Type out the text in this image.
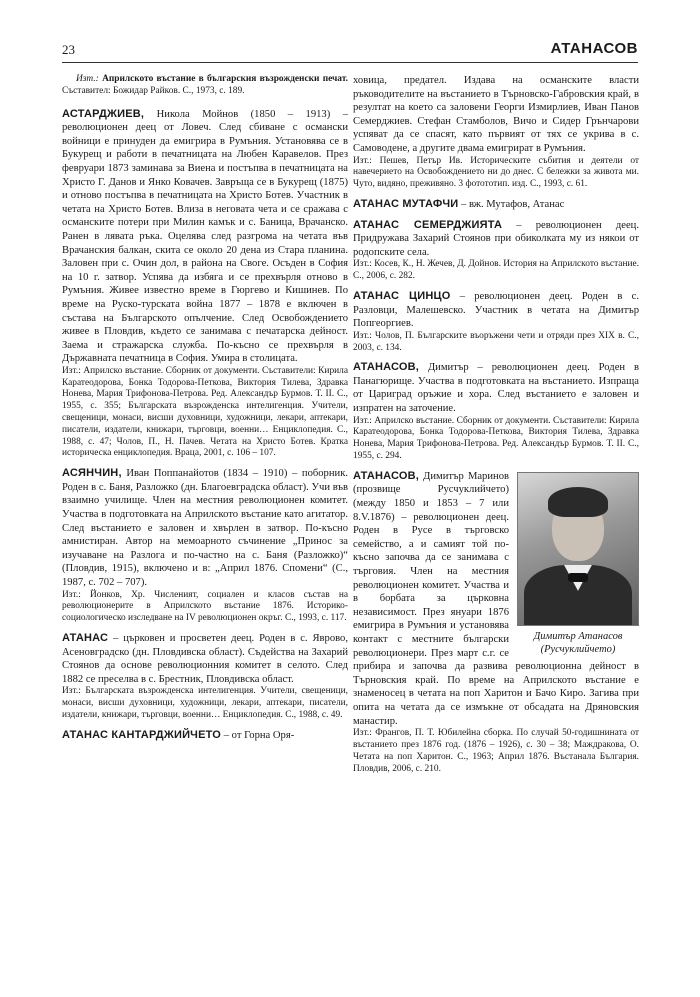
23	АТАНАСОВ

Изт.: Априлското въстание в българския възрожденски печат. Съставител: Божидар Райков. С., 1973, с. 189.

АСТАРДЖИЕВ, Никола Мойнов (1850 – 1913) – революционен деец от Ловеч. След сбиване с османски войници е принуден да емигрира в Румъния. Установява се в Букурещ и работи в печатницата на Любен Каравелов. През февруари 1873 заминава за Виена и постъпва в печатницата на Христо Г. Данов и Янко Ковачев. Завръща се в Букурещ (1875) и отново постъпва в печатницата на Христо Ботев. Участник в четата на Христо Ботев. Влиза в неговата чета и се сражава с османските потери при Милин камък и с. Баница, Врачанско. Ранен в лявата ръка. Оцелява след разгрома на четата във Врачанския балкан, скита се около 20 дена из Стара планина. Заловен при с. Очин дол, в района на Своге. Осъден в София на 10 г. затвор. Успява да избяга и се прехвърля отново в Румъния. Живее известно време в Гюргево и Кишинев. По време на Руско-турската война 1877 – 1878 е включен в състава на Българското опълчение. След Освобождението живее в Пловдив, където се занимава с печатарска дейност. Заема и стражарска служба. По-късно се прехвърля в Държавната печатница в София. Умира в столицата.

Изт.: Априлско въстание. Сборник от документи. Съставители: Кирила Каратеодорова, Бонка Тодорова-Петкова, Виктория Тилева, Здравка Нонева, Мария Трифонова-Петрова. Ред. Александър Бурмов. Т. II. С., 1955, с. 355; Българската възрожденска интелигенция. Учители, свещеници, монаси, висши духовници, художници, лекари, аптекари, писатели, издатели, книжари, търговци, военни… Енциклопедия. С., 1988, с. 47; Чолов, П., Н. Пачев. Четата на Христо Ботев. Кратка историческа енциклопедия. Враца, 2001, с. 106 – 107.

АСЯНЧИН, Иван Поппанайотов (1834 – 1910) – поборник. Роден в с. Баня, Разложко (дн. Благоевградска област). Учи във взаимно училище. Член на местния революционен комитет. Участва в подготовката на Априлското въстание като агитатор. След въстанието е заловен и хвърлен в затвор. По-късно амнистиран. Автор на мемоарното съчинение „Принос за изучаване на Разлога и по-частно на с. Баня (Разложко)“ (Пловдив, 1915), включено и в: „Април 1876. Спомени“ (С., 1987, с. 702 – 707).

Изт.: Йонков, Хр. Численият, социален и класов състав на революционерите в Априлското въстание 1876. Историко-социологическо изследване на IV революционен окръг. С., 1993, с. 117.

АТАНАС – църковен и просветен деец. Роден в с. Яврово, Асеновградско (дн. Пловдивска област). Съдейства на Захарий Стоянов да основе революционния комитет в селото. След 1882 се преселва в с. Брестник, Пловдивска област.

Изт.: Българската възрожденска интелигенция. Учители, свещеници, монаси, висши духовници, художници, лекари, аптекари, писатели, издатели, книжари, търговци, военни… Енциклопедия. С., 1988, с. 49.

АТАНАС КАНТАРДЖИЙЧЕТО – от Горна Оря-

ховица, предател. Издава на османските власти ръководителите на въстанието в Търновско-Габровския край, в резултат на което са заловени Георги Измирлиев, Иван Панов Семерджиев. Стефан Стамболов, Вичо и Сидер Грънчарови успяват да се спасят, като първият от тях се укрива в с. Самоводене, а другите двама емигрират в Румъния.

Изт.: Пешев, Петър Ив. Историческите събития и деятели от навечерието на Освобождението ни до днес. С бележки за живота ми. Чуто, видяно, преживяно. 3 фотототип. изд. С., 1993, с. 61.

АТАНАС МУТАФЧИ – вж. Мутафов, Атанас

АТАНАС СЕМЕРДЖИЯТА – революционен деец. Придружава Захарий Стоянов при обиколката му из някои от родопските села.

Изт.: Косев, К., Н. Жечев, Д. Дойнов. История на Априлското въстание. С., 2006, с. 282.

АТАНАС ЦИНЦО – революционен деец. Роден в с. Разловци, Малешевско. Участник в четата на Димитър Попгеоргиев.

Изт.: Чолов, П. Българските въоръжени чети и отряди през XIX в. С., 2003, с. 134.

АТАНАСОВ, Димитър – революционен деец. Роден в Панагюрище. Участва в подготовката на въстанието. Изпраща от Цариград оръжие и хора. След въстанието е заловен и изпратен на заточение.

Изт.: Априлско въстание. Сборник от документи. Съставители: Кирила Каратеодорова, Бонка Тодорова-Петкова, Виктория Тилева, Здравка Нонева, Мария Трифонова-Петрова. Ред. Александър Бурмов. Т. II. С., 1955, с. 294.

Димитър Атанасов (Русчуклийчето)

АТАНАСОВ, Димитър Маринов (прозвище Русчуклийчето) (между 1850 и 1853 – 7 или 8.V.1876) – революционен деец. Роден в Русе в търговско семейство, а и самият той по-късно започва да се занимава с търговия. Член на местния революционен комитет. Участва и в борбата за църковна независимост. През януари 1876 емигрира в Румъния и установява контакт с местните български революционери. През март с.г. се прибира и започва да развива революционна дейност в Търновския край. По време на Априлското въстание е знаменосец в четата на поп Харитон и Бачо Киро. Загива при опита на четата да се измъкне от обсадата на Дряновския манастир.

Изт.: Франгов, П. Т. Юбилейна сборка. По случай 50-годишнината от въстанието през 1876 год. (1876 – 1926), с. 30 – 38; Маждракова, О. Четата на поп Харитон. С., 1963; Април 1876. Въстанала България. Пловдив, 2006, с. 210.
